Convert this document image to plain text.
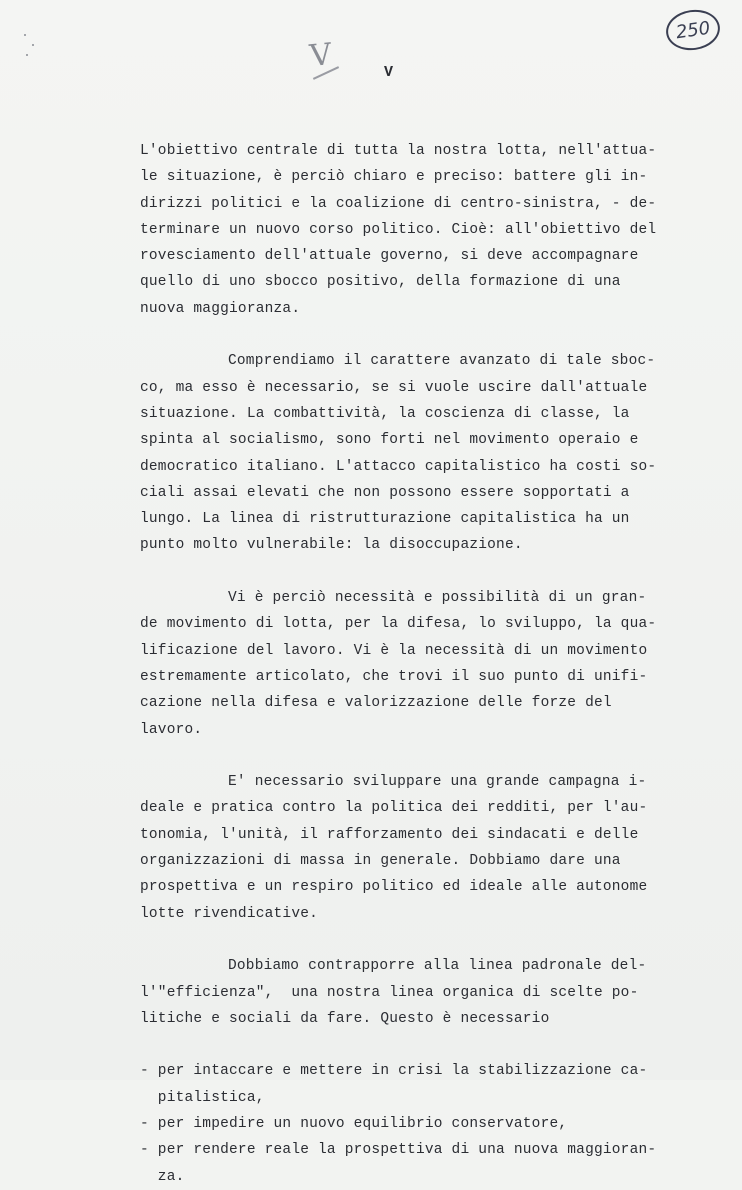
250
V	V
L'obiettivo centrale di tutta la nostra lotta, nell'attua-
le situazione, è perciò chiaro e preciso: battere gli in-
dirizzi politici e la coalizione di centro-sinistra, - de-
terminare un nuovo corso politico. Cioè: all'obiettivo del
rovesciamento dell'attuale governo, si deve accompagnare
quello di uno sbocco positivo, della formazione di una
nuova maggioranza.
Comprendiamo il carattere avanzato di tale sboc-
co, ma esso è necessario, se si vuole uscire dall'attuale
situazione. La combattività, la coscienza di classe, la
spinta al socialismo, sono forti nel movimento operaio e
democratico italiano. L'attacco capitalistico ha costi so-
ciali assai elevati che non possono essere sopportati a
lungo. La linea di ristrutturazione capitalistica ha un
punto molto vulnerabile: la disoccupazione.
Vi è perciò necessità e possibilità di un gran-
de movimento di lotta, per la difesa, lo sviluppo, la qua-
lificazione del lavoro. Vi è la necessità di un movimento
estremamente articolato, che trovi il suo punto di unifi-
cazione nella difesa e valorizzazione delle forze del
lavoro.
E' necessario sviluppare una grande campagna i-
deale e pratica contro la politica dei redditi, per l'au-
tonomia, l'unità, il rafforzamento dei sindacati e delle
organizzazioni di massa in generale. Dobbiamo dare una
prospettiva e un respiro politico ed ideale alle autonome
lotte rivendicative.
Dobbiamo contrapporre alla linea padronale del-
l'"efficienza",  una nostra linea organica di scelte po-
litiche e sociali da fare. Questo è necessario
- per intaccare e mettere in crisi la stabilizzazione ca-
pitalistica,
- per impedire un nuovo equilibrio conservatore,
- per rendere reale la prospettiva di una nuova maggioran-
za.
